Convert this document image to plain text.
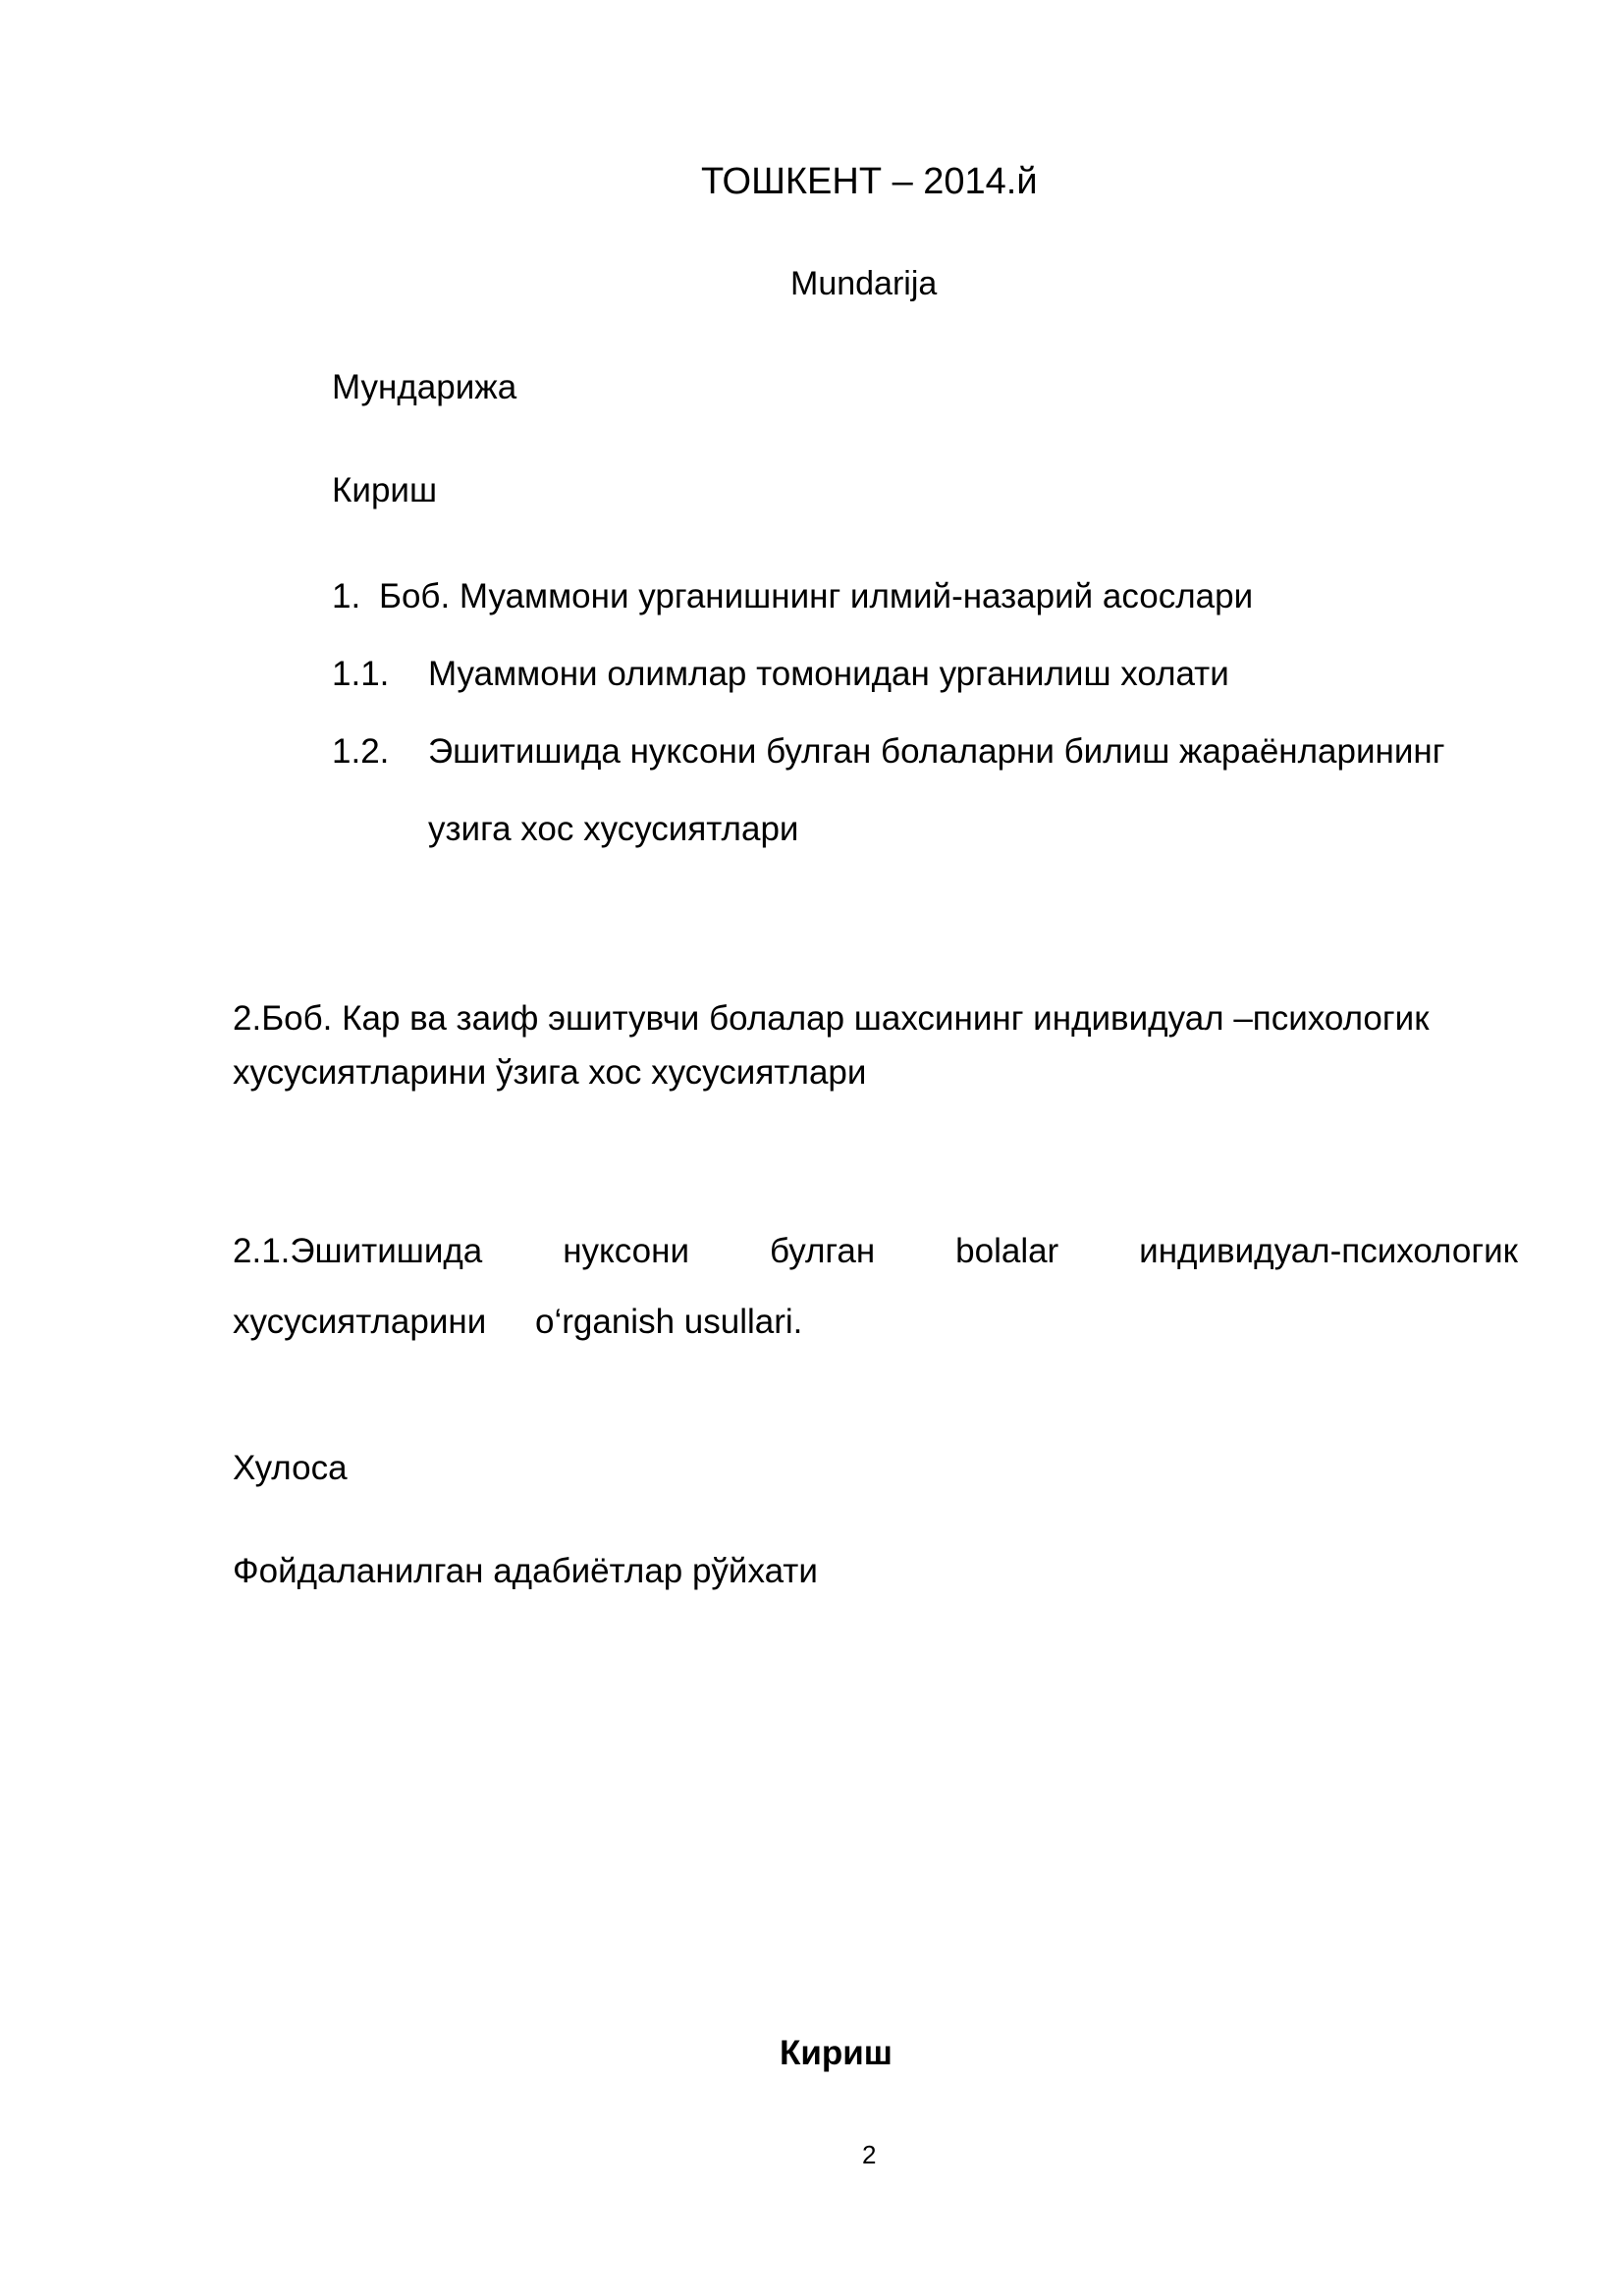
ТОШКЕНТ – 2014.й
Mundarija
Мундарижа
Кириш
1. Боб. Муаммони урганишнинг илмий-назарий асослари
1.1. Муаммони олимлар томонидан урганилиш холати
1.2. Эшитишида нуксони булган болаларни билиш жараёнларининг
узига хос хусусиятлари
2.Боб. Кар ва заиф эшитувчи болалар шахсининг индивидуал –психологик
хусусиятларини ўзига хос хусусиятлари
2.1.Эшитишида нуксони булган bolalar индивидуал-психологик
хусусиятларини o‘rganish usullari.
Хулоса
Фойдаланилган адабиётлар рўйхати
Кириш
2
